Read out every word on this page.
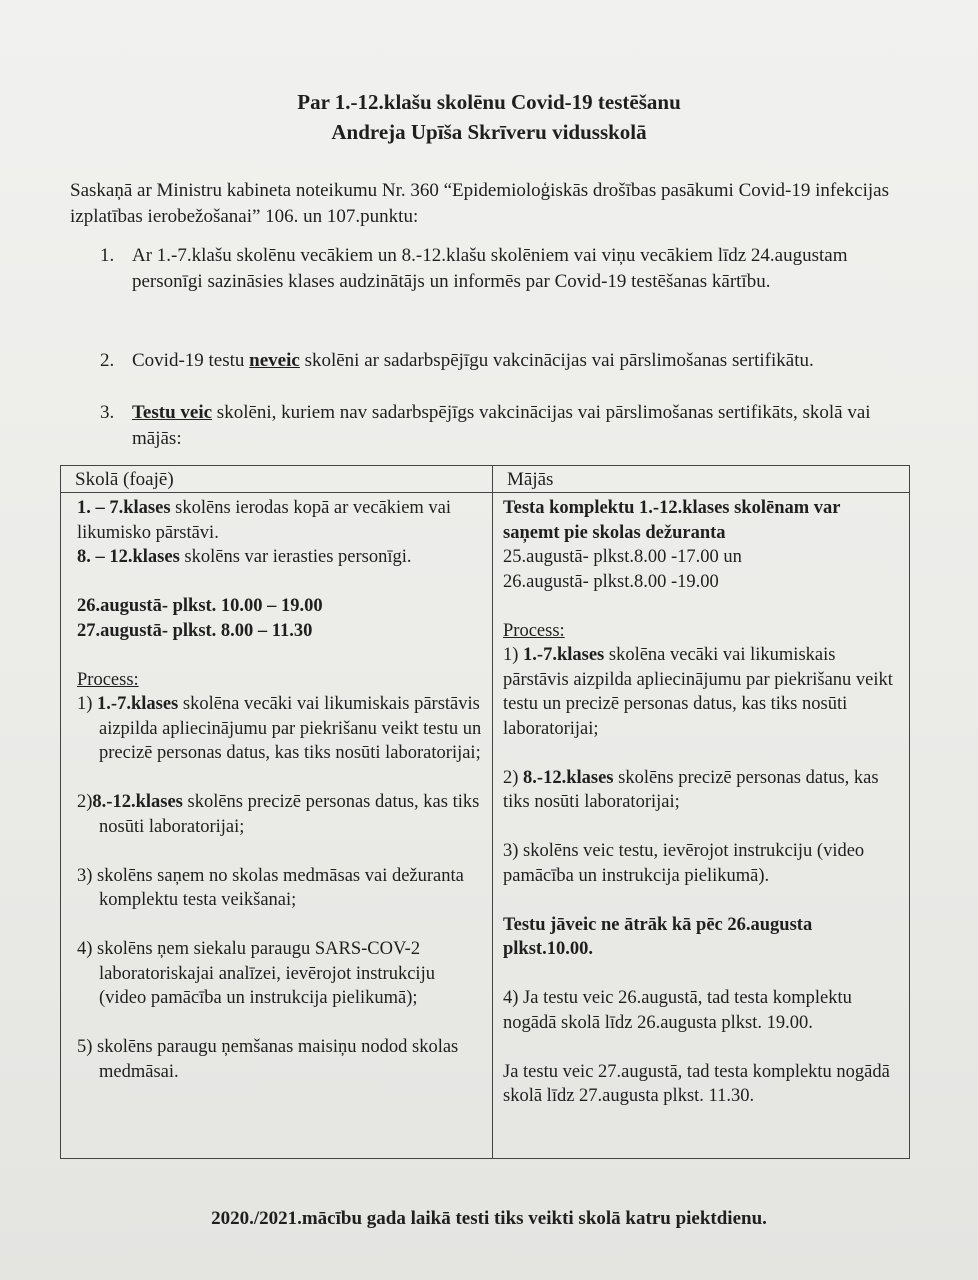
Par 1.-12.klašu skolēnu Covid-19 testēšanu
Andreja Upīša Skrīveru vidusskolā
Saskaņā ar Ministru kabineta noteikumu Nr. 360 “Epidemioloģiskās drošības pasākumi Covid-19 infekcijas izplatības ierobežošanai” 106. un 107.punktu:
1. Ar 1.-7.klašu skolēnu vecākiem un 8.-12.klašu skolēniem vai viņu vecākiem līdz 24.augustam personīgi sazināsies klases audzinātājs un informēs par Covid-19 testēšanas kārtību.
2. Covid-19 testu neveic skolēni ar sadarbspējīgu vakcinācijas vai pārslimošanas sertifikātu.
3. Testu veic skolēni, kuriem nav sadarbspējīgs vakcinācijas vai pārslimošanas sertifikāts, skolā vai mājās:
Skolā (foajē)	Mājās

1. – 7.klases skolēns ierodas kopā ar vecākiem vai likumisko pārstāvi.

8. – 12.klases skolēns var ierasties personīgi.

26.augustā- plkst. 10.00 – 19.00

27.augustā- plkst. 8.00 – 11.30

Process:

1) 1.-7.klases skolēna vecāki vai likumiskais pārstāvis aizpilda apliecinājumu par piekrišanu veikt testu un precizē personas datus, kas tiks nosūti laboratorijai;

2)8.-12.klases skolēns precizē personas datus, kas tiks nosūti laboratorijai;

3) skolēns saņem no skolas medmāsas vai dežuranta komplektu testa veikšanai;

4) skolēns ņem siekalu paraugu SARS-COV-2 laboratoriskajai analīzei, ievērojot instrukciju (video pamācība un instrukcija pielikumā);

5) skolēns paraugu ņemšanas maisiņu nodod skolas medmāsai.

Testa komplektu 1.-12.klases skolēnam var saņemt pie skolas dežuranta

25.augustā- plkst.8.00 -17.00 un

26.augustā- plkst.8.00 -19.00

Process:

1) 1.-7.klases skolēna vecāki vai likumiskais pārstāvis aizpilda apliecinājumu par piekrišanu veikt testu un precizē personas datus, kas tiks nosūti laboratorijai;

2) 8.-12.klases skolēns precizē personas datus, kas tiks nosūti laboratorijai;

3) skolēns veic testu, ievērojot instrukciju (video pamācība un instrukcija pielikumā).

Testu jāveic ne ātrāk kā pēc 26.augusta plkst.10.00.

4) Ja testu veic 26.augustā, tad testa komplektu nogādā skolā līdz 26.augusta plkst. 19.00.

Ja testu veic 27.augustā, tad testa komplektu nogādā skolā līdz 27.augusta plkst. 11.30.

2020./2021.mācību gada laikā testi tiks veikti skolā katru piektdienu.
